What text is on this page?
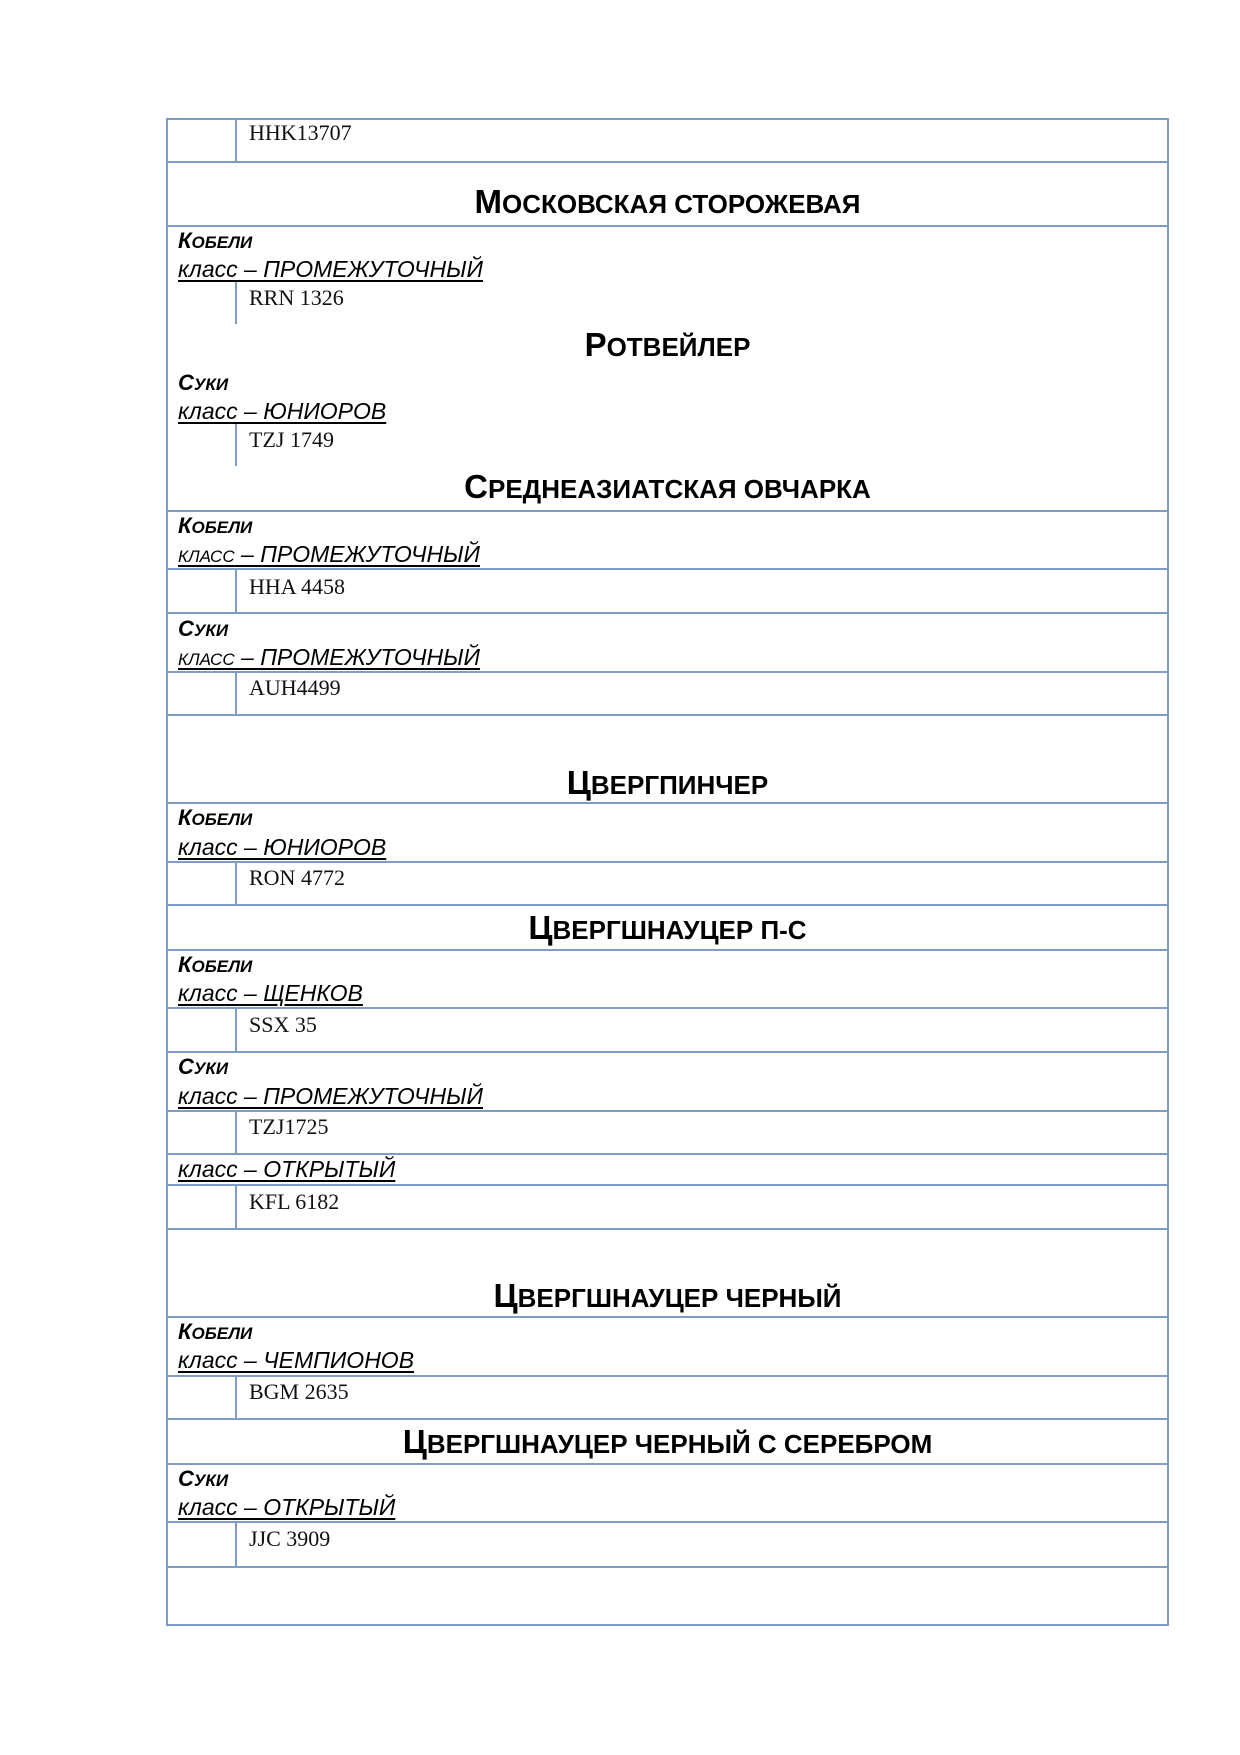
HHK13707
МОСКОВСКАЯ СТОРОЖЕВАЯ
КОБЕЛИ
класс – ПРОМЕЖУТОЧНЫЙ
RRN 1326
РОТВЕЙЛЕР
СУКИ
класс – ЮНИОРОВ
TZJ 1749
СРЕДНЕАЗИАТСКАЯ ОВЧАРКА
КОБЕЛИ
КЛАСС – ПРОМЕЖУТОЧНЫЙ
HHA 4458
СУКИ
КЛАСС – ПРОМЕЖУТОЧНЫЙ
AUH4499
ЦВЕРГПИНЧЕР
КОБЕЛИ
класс – ЮНИОРОВ
RON 4772
ЦВЕРГШНАУЦЕР П-С
КОБЕЛИ
класс – ЩЕНКОВ
SSX 35
СУКИ
класс – ПРОМЕЖУТОЧНЫЙ
TZJ1725
класс – ОТКРЫТЫЙ
KFL 6182
ЦВЕРГШНАУЦЕР ЧЕРНЫЙ
КОБЕЛИ
класс – ЧЕМПИОНОВ
BGM 2635
ЦВЕРГШНАУЦЕР ЧЕРНЫЙ С СЕРЕБРОМ
СУКИ
класс – ОТКРЫТЫЙ
JJC 3909
